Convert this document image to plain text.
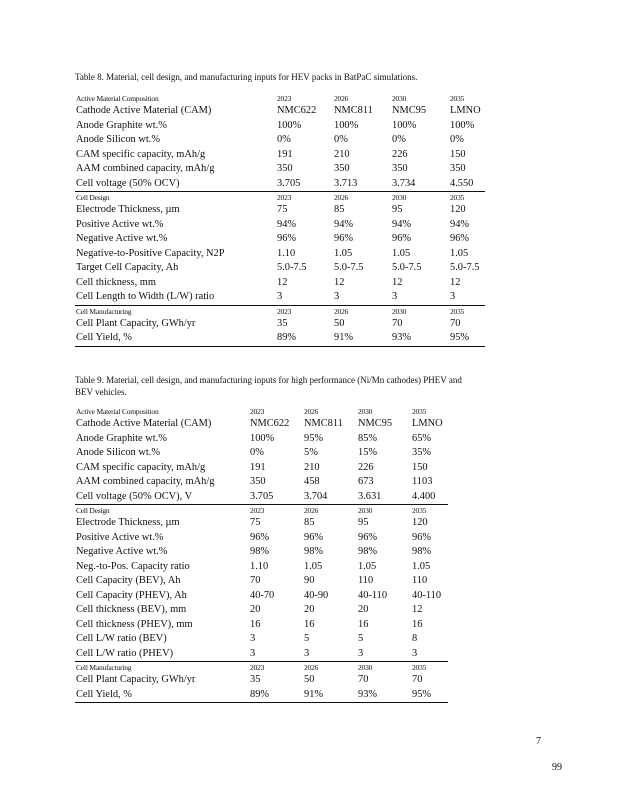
Table 8. Material, cell design, and manufacturing inputs for HEV packs in BatPaC simulations.
Active Material Composition	2023	2026	2030	2035
Cathode Active Material (CAM)	NMC622	NMC811	NMC95	LMNO
Anode Graphite wt.%	100%	100%	100%	100%
Anode Silicon wt.%	0%	0%	0%	0%
CAM specific capacity, mAh/g	191	210	226	150
AAM combined capacity, mAh/g	350	350	350	350
Cell voltage (50% OCV)	3.705	3.713	3.734	4.550
Cell Design	2023	2026	2030	2035
Electrode Thickness, µm	75	85	95	120
Positive Active wt.%	94%	94%	94%	94%
Negative Active wt.%	96%	96%	96%	96%
Negative-to-Positive Capacity, N2P	1.10	1.05	1.05	1.05
Target Cell Capacity, Ah	5.0-7.5	5.0-7.5	5.0-7.5	5.0-7.5
Cell thickness, mm	12	12	12	12
Cell Length to Width (L/W) ratio	3	3	3	3
Cell Manufacturing	2023	2026	2030	2035
Cell Plant Capacity, GWh/yr	35	50	70	70
Cell Yield, %	89%	91%	93%	95%
Table 9. Material, cell design, and manufacturing inputs for high performance (Ni/Mn cathodes) PHEV and
BEV vehicles.
Active Material Composition	2023	2026	2030	2035
Cathode Active Material (CAM)	NMC622	NMC811	NMC95	LMNO
Anode Graphite wt.%	100%	95%	85%	65%
Anode Silicon wt.%	0%	5%	15%	35%
CAM specific capacity, mAh/g	191	210	226	150
AAM combined capacity, mAh/g	350	458	673	1103
Cell voltage (50% OCV), V	3.705	3.704	3.631	4.400
Cell Design	2023	2026	2030	2035
Electrode Thickness, µm	75	85	95	120
Positive Active wt.%	96%	96%	96%	96%
Negative Active wt.%	98%	98%	98%	98%
Neg.-to-Pos. Capacity ratio	1.10	1.05	1.05	1.05
Cell Capacity (BEV), Ah	70	90	110	110
Cell Capacity (PHEV), Ah	40-70	40-90	40-110	40-110
Cell thickness (BEV), mm	20	20	20	12
Cell thickness (PHEV), mm	16	16	16	16
Cell L/W ratio (BEV)	3	5	5	8
Cell L/W ratio (PHEV)	3	3	3	3
Cell Manufacturing	2023	2026	2030	2035
Cell Plant Capacity, GWh/yr	35	50	70	70
Cell Yield, %	89%	91%	93%	95%
7
99
